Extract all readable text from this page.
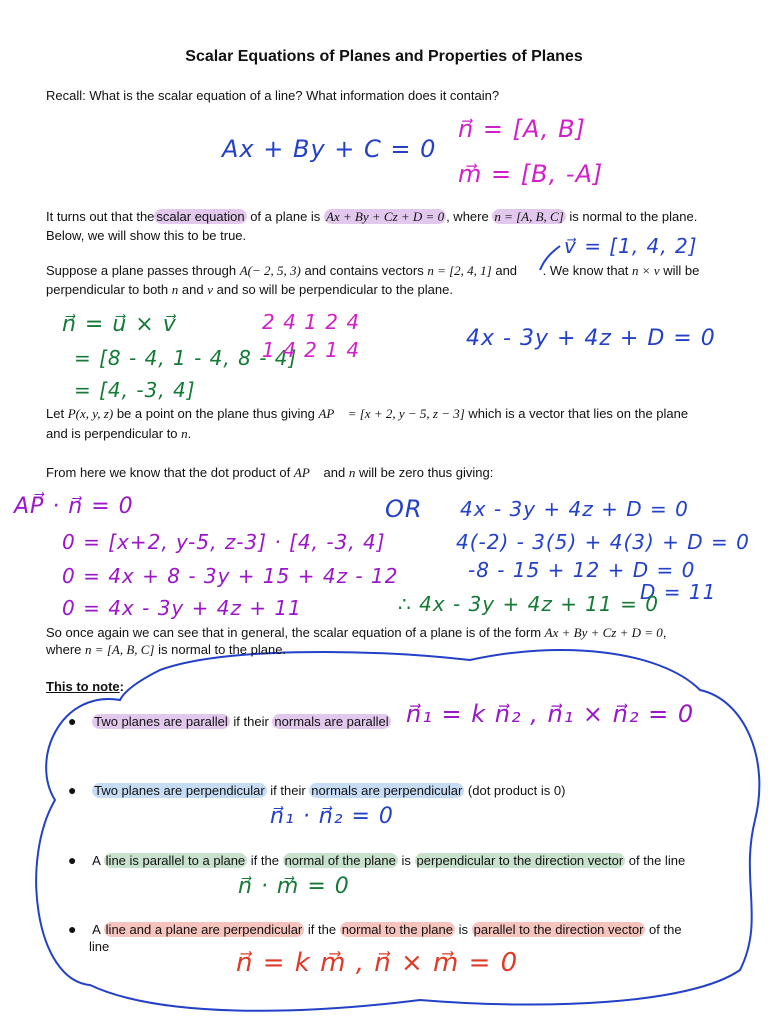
Scalar Equations of Planes and Properties of Planes
Recall: What is the scalar equation of a line? What information does it contain?
Ax + By + C = 0
n⃗ = [A, B]
m⃗ = [B, -A]
It turns out that the scalar equation of a plane is Ax + By + Cz + D = 0 , where n = [A, B, C] is normal to the plane.
Below, we will show this to be true.	v⃗ = [1, 4, 2]
Suppose a plane passes through A(− 2, 5, 3) and contains vectors n = [2, 4, 1] and . We know that n × v will be
perpendicular to both n and v and so will be perpendicular to the plane.
n⃗ = u⃗ × v⃗
= [8 - 4, 1 - 4, 8 - 4]
= [4, -3, 4]
2 4 1 2 4
1 4 2 1 4	4x - 3y + 4z + D = 0
Let P(x, y, z) be a point on the plane thus giving AP⃗ = [x + 2, y − 5, z − 3] which is a vector that lies on the plane
and is perpendicular to n.
From here we know that the dot product of AP⃗ and n will be zero thus giving:
AP⃗ · n⃗ = 0
0 = [x+2, y-5, z-3] · [4, -3, 4]
0 = 4x + 8 - 3y + 15 + 4z - 12
0 = 4x - 3y + 4z + 11
OR 4x - 3y + 4z + D = 0
4(-2) - 3(5) + 4(3) + D = 0
-8 - 15 + 12 + D = 0
D = 11
∴ 4x - 3y + 4z + 11 = 0
So once again we can see that in general, the scalar equation of a plane is of the form Ax + By + Cz + D = 0,
where n = [A, B, C] is normal to the plane.
This to note:
● Two planes are parallel if their normals are parallel n⃗₁ = k n⃗₂ , n⃗₁ × n⃗₂ = 0
● Two planes are perpendicular if their normals are perpendicular (dot product is 0)
n⃗₁ · n⃗₂ = 0
● A line is parallel to a plane if the normal of the plane is perpendicular to the direction vector of the line
n⃗ · m⃗ = 0
● A line and a plane are perpendicular if the normal to the plane is parallel to the direction vector of the
line
n⃗ = k m⃗ , n⃗ × m⃗ = 0
